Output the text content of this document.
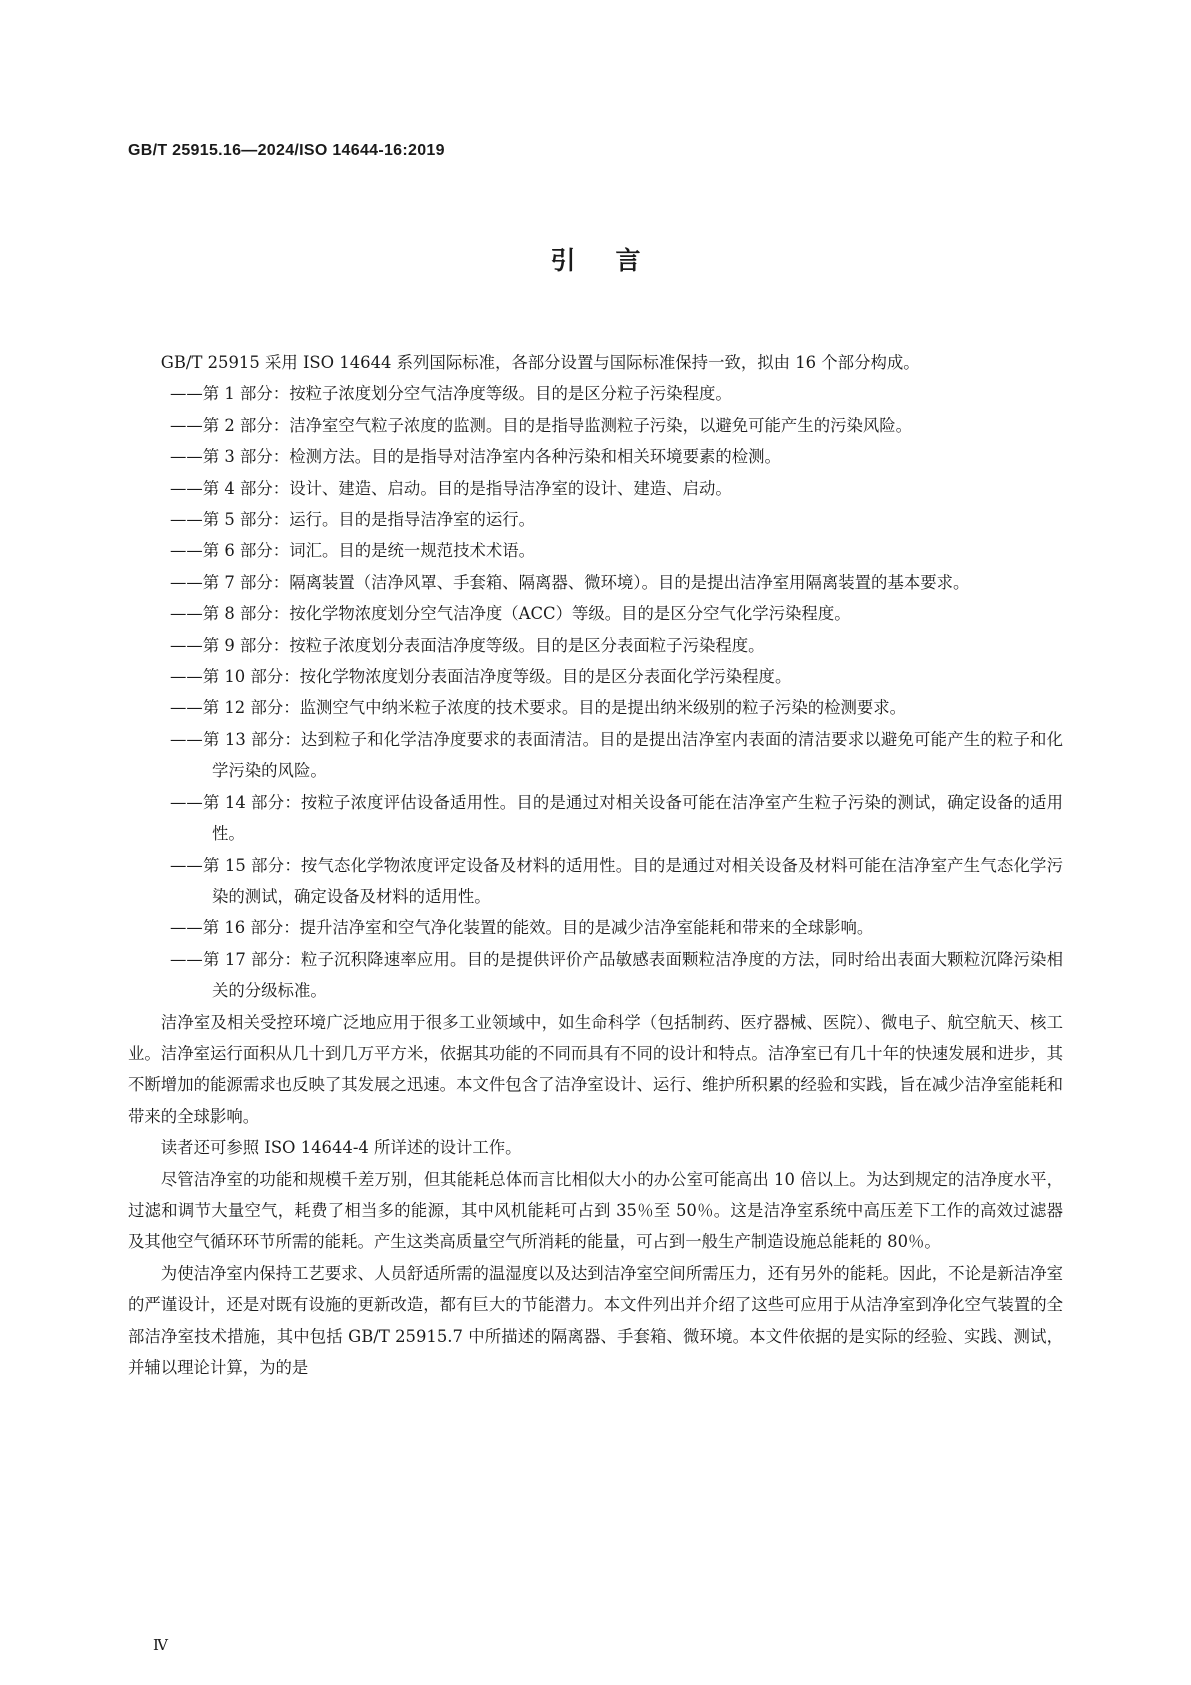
GB/T 25915.16—2024/ISO 14644-16:2019
引言

GB/T 25915 采用 ISO 14644 系列国际标准，各部分设置与国际标准保持一致，拟由 16 个部分构成。

——第 1 部分：按粒子浓度划分空气洁净度等级。目的是区分粒子污染程度。

——第 2 部分：洁净室空气粒子浓度的监测。目的是指导监测粒子污染，以避免可能产生的污染风险。

——第 3 部分：检测方法。目的是指导对洁净室内各种污染和相关环境要素的检测。

——第 4 部分：设计、建造、启动。目的是指导洁净室的设计、建造、启动。

——第 5 部分：运行。目的是指导洁净室的运行。

——第 6 部分：词汇。目的是统一规范技术术语。

——第 7 部分：隔离装置（洁净风罩、手套箱、隔离器、微环境）。目的是提出洁净室用隔离装置的基本要求。

——第 8 部分：按化学物浓度划分空气洁净度（ACC）等级。目的是区分空气化学污染程度。

——第 9 部分：按粒子浓度划分表面洁净度等级。目的是区分表面粒子污染程度。

——第 10 部分：按化学物浓度划分表面洁净度等级。目的是区分表面化学污染程度。

——第 12 部分：监测空气中纳米粒子浓度的技术要求。目的是提出纳米级别的粒子污染的检测要求。

——第 13 部分：达到粒子和化学洁净度要求的表面清洁。目的是提出洁净室内表面的清洁要求以避免可能产生的粒子和化学污染的风险。

——第 14 部分：按粒子浓度评估设备适用性。目的是通过对相关设备可能在洁净室产生粒子污染的测试，确定设备的适用性。

——第 15 部分：按气态化学物浓度评定设备及材料的适用性。目的是通过对相关设备及材料可能在洁净室产生气态化学污染的测试，确定设备及材料的适用性。

——第 16 部分：提升洁净室和空气净化装置的能效。目的是减少洁净室能耗和带来的全球影响。

——第 17 部分：粒子沉积降速率应用。目的是提供评价产品敏感表面颗粒洁净度的方法，同时给出表面大颗粒沉降污染相关的分级标准。

洁净室及相关受控环境广泛地应用于很多工业领域中，如生命科学（包括制药、医疗器械、医院）、微电子、航空航天、核工业。洁净室运行面积从几十到几万平方米，依据其功能的不同而具有不同的设计和特点。洁净室已有几十年的快速发展和进步，其不断增加的能源需求也反映了其发展之迅速。本文件包含了洁净室设计、运行、维护所积累的经验和实践，旨在减少洁净室能耗和带来的全球影响。

读者还可参照 ISO 14644-4 所详述的设计工作。

尽管洁净室的功能和规模千差万别，但其能耗总体而言比相似大小的办公室可能高出 10 倍以上。为达到规定的洁净度水平，过滤和调节大量空气，耗费了相当多的能源，其中风机能耗可占到 35％至 50％。这是洁净室系统中高压差下工作的高效过滤器及其他空气循环环节所需的能耗。产生这类高质量空气所消耗的能量，可占到一般生产制造设施总能耗的 80％。

为使洁净室内保持工艺要求、人员舒适所需的温湿度以及达到洁净室空间所需压力，还有另外的能耗。因此，不论是新洁净室的严谨设计，还是对既有设施的更新改造，都有巨大的节能潜力。本文件列出并介绍了这些可应用于从洁净室到净化空气装置的全部洁净室技术措施，其中包括 GB/T 25915.7 中所描述的隔离器、手套箱、微环境。本文件依据的是实际的经验、实践、测试，并辅以理论计算，为的是

Ⅳ
